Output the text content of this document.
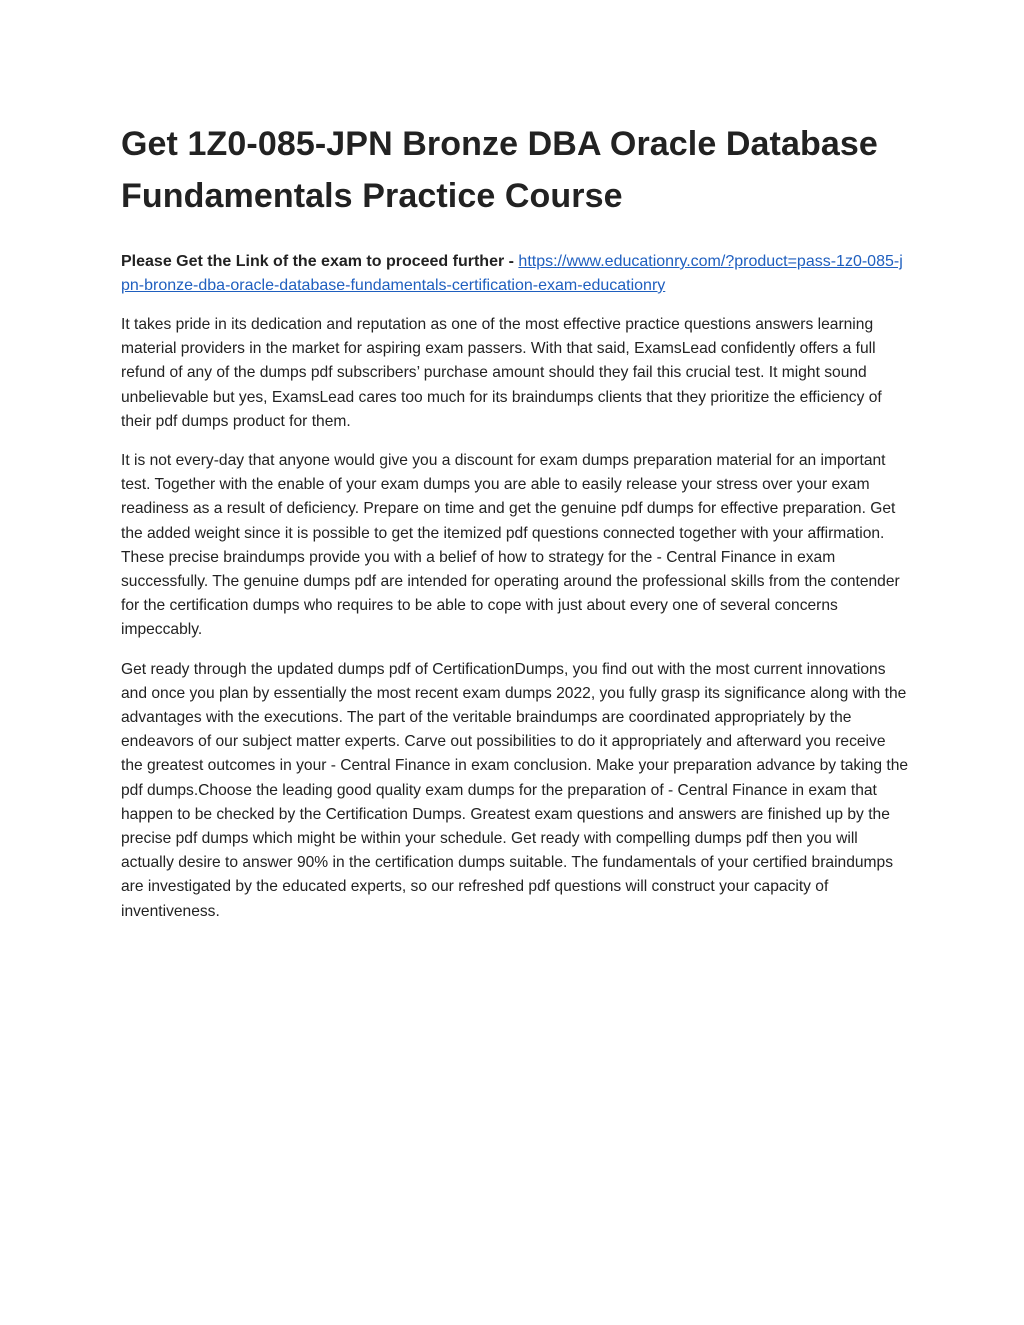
Get 1Z0-085-JPN Bronze DBA Oracle Database Fundamentals Practice Course

Please Get the Link of the exam to proceed further - https://www.educationry.com/?product=pass-1z0-085-jpn-bronze-dba-oracle-database-fundamentals-certification-exam-educationry

It takes pride in its dedication and reputation as one of the most effective practice questions answers learning material providers in the market for aspiring exam passers. With that said, ExamsLead confidently offers a full refund of any of the dumps pdf subscribers’ purchase amount should they fail this crucial test. It might sound unbelievable but yes, ExamsLead cares too much for its braindumps clients that they prioritize the efficiency of their pdf dumps product for them.

It is not every-day that anyone would give you a discount for exam dumps preparation material for an important test. Together with the enable of your exam dumps you are able to easily release your stress over your exam readiness as a result of deficiency. Prepare on time and get the genuine pdf dumps for effective preparation. Get the added weight since it is possible to get the itemized pdf questions connected together with your affirmation. These precise braindumps provide you with a belief of how to strategy for the - Central Finance in exam successfully. The genuine dumps pdf are intended for operating around the professional skills from the contender for the certification dumps who requires to be able to cope with just about every one of several concerns impeccably.

Get ready through the updated dumps pdf of CertificationDumps, you find out with the most current innovations and once you plan by essentially the most recent exam dumps 2022, you fully grasp its significance along with the advantages with the executions. The part of the veritable braindumps are coordinated appropriately by the endeavors of our subject matter experts. Carve out possibilities to do it appropriately and afterward you receive the greatest outcomes in your - Central Finance in exam conclusion. Make your preparation advance by taking the pdf dumps.Choose the leading good quality exam dumps for the preparation of - Central Finance in exam that happen to be checked by the Certification Dumps. Greatest exam questions and answers are finished up by the precise pdf dumps which might be within your schedule. Get ready with compelling dumps pdf then you will actually desire to answer 90% in the certification dumps suitable. The fundamentals of your certified braindumps are investigated by the educated experts, so our refreshed pdf questions will construct your capacity of inventiveness.
